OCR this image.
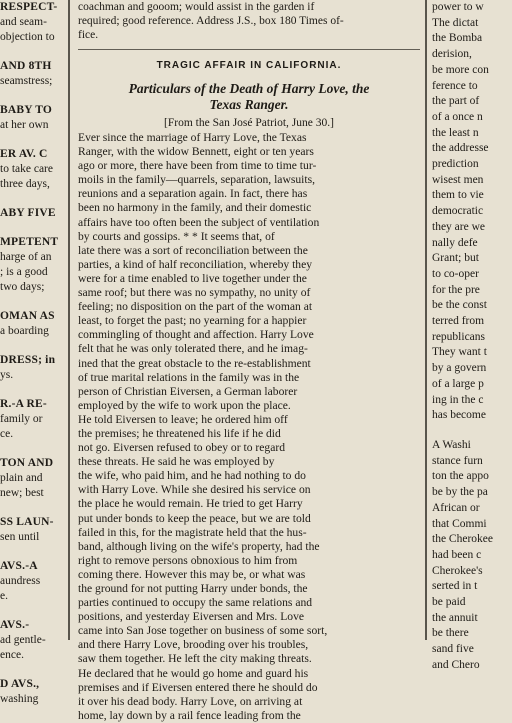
RESPECT-
and seam-
objection to
AND 8TH
seamstress;
BABY TO
at her own
ER AV. C
to take care
three days,
ABY FIVE
MPETENT
harge of an
; is a good
two days;
OMAN AS
a boarding
DRESS; in
ys.
R.-A RE-
family or
ce.
TON AND
plain and
new; best
SS LAUN-
sen until
AVS.-A
aundress
e.
AVS.-
ad gentle-
ence.
D AVS.,
washing
coachman and gooom; would assist in the garden if
required; good reference. Address J.S., box 180 Times of-
fice.
TRAGIC AFFAIR IN CALIFORNIA.
Particulars of the Death of Harry Love, the
Texas Ranger.
[From the San José Patriot, June 30.]
Ever since the marriage of Harry Love, the Texas
Ranger, with the widow Bennett, eight or ten years
ago or more, there have been from time to time tur-
moils in the family—quarrels, separation, lawsuits,
reunions and a separation again. In fact, there has
been no harmony in the family, and their domestic
affairs have too often been the subject of ventilation
by courts and gossips. * * It seems that, of
late there was a sort of reconciliation between the
parties, a kind of half reconciliation, whereby they
were for a time enabled to live together under the
same roof; but there was no sympathy, no unity of
feeling; no disposition on the part of the woman at
least, to forget the past; no yearning for a happier
commingling of thought and affection. Harry Love
felt that he was only tolerated there, and he imag-
ined that the great obstacle to the re-establishment
of true marital relations in the family was in the
person of Christian Eiversen, a German laborer
employed by the wife to work upon the place.
He told Eiversen to leave; he ordered him off
the premises; he threatened his life if he did
not go. Eiversen refused to obey or to regard
these threats. He said he was employed by
the wife, who paid him, and he had nothing to do
with Harry Love. While she desired his service on
the place he would remain. He tried to get Harry
put under bonds to keep the peace, but we are told
failed in this, for the magistrate held that the hus-
band, although living on the wife's property, had the
right to remove persons obnoxious to him from
coming there. However this may be, or what was
the ground for not putting Harry under bonds, the
parties continued to occupy the same relations and
positions, and yesterday Eiversen and Mrs. Love
came into San Jose together on business of some sort,
and there Harry Love, brooding over his troubles,
saw them together. He left the city making threats.
He declared that he would go home and guard his
premises and if Eiversen entered there he should do
it over his dead body. Harry Love, on arriving at
home, lay down by a rail fence leading from the
power to w
The dictat
the Bomba
derision,
be more con
ference to
the part of
of a once n
the least n
the addresse
prediction
wisest men
them to vie
democratic
they are we
nally defe
Grant; but
to co-oper
for the pre
be the const
terred from
republicans
They want t
by a govern
of a large p
ing in the c
has become
A Washi
stance furn
ton the appo
be by the pa
African or
that Commi
the Cherokee
had been c
Cherokee's
serted in t
be paid
the annuit
be there
sand five
and Chero
